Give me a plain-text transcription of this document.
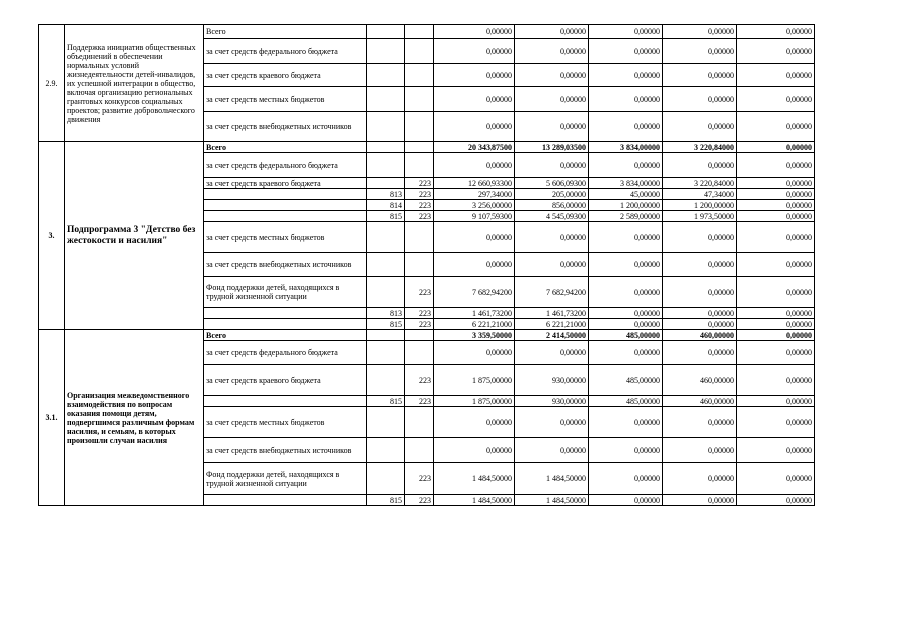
2.9.	Поддержка инициатив общественных объединений в обеспечении нормальных условий жизнедеятельности детей-инвалидов, их успешной интеграции в общество, включая организацию региональных грантовых конкурсов социальных проектов; развитие добровольческого движения	Всего			0,00000	0,00000	0,00000	0,00000	0,00000
		за счет средств федерального бюджета			0,00000	0,00000	0,00000	0,00000	0,00000
		за счет средств краевого бюджета			0,00000	0,00000	0,00000	0,00000	0,00000
		за счет средств местных бюджетов			0,00000	0,00000	0,00000	0,00000	0,00000
		за счет средств внебюджетных источников			0,00000	0,00000	0,00000	0,00000	0,00000
3.	Подпрограмма 3 "Детство без жестокости и насилия"	Всего			20 343,87500	13 289,03500	3 834,00000	3 220,84000	0,00000
		за счет средств федерального бюджета			0,00000	0,00000	0,00000	0,00000	0,00000
		за счет средств краевого бюджета		223	12 660,93300	5 606,09300	3 834,00000	3 220,84000	0,00000
			813	223	297,34000	205,00000	45,00000	47,34000	0,00000
			814	223	3 256,00000	856,00000	1 200,00000	1 200,00000	0,00000
			815	223	9 107,59300	4 545,09300	2 589,00000	1 973,50000	0,00000
		за счет средств местных бюджетов			0,00000	0,00000	0,00000	0,00000	0,00000
		за счет средств внебюджетных источников			0,00000	0,00000	0,00000	0,00000	0,00000
		Фонд поддержки детей, находящихся в трудной жизненной ситуации		223	7 682,94200	7 682,94200	0,00000	0,00000	0,00000
			813	223	1 461,73200	1 461,73200	0,00000	0,00000	0,00000
			815	223	6 221,21000	6 221,21000	0,00000	0,00000	0,00000
3.1.	Организация межведомственного взаимодействия по вопросам оказания помощи детям, подвергшимся различным формам насилия, и семьям, в которых произошли случаи насилия	Всего			3 359,50000	2 414,50000	485,00000	460,00000	0,00000
		за счет средств федерального бюджета			0,00000	0,00000	0,00000	0,00000	0,00000
		за счет средств краевого бюджета		223	1 875,00000	930,00000	485,00000	460,00000	0,00000
			815	223	1 875,00000	930,00000	485,00000	460,00000	0,00000
		за счет средств местных бюджетов			0,00000	0,00000	0,00000	0,00000	0,00000
		за счет средств внебюджетных источников			0,00000	0,00000	0,00000	0,00000	0,00000
		Фонд поддержки детей, находящихся в трудной жизненной ситуации		223	1 484,50000	1 484,50000	0,00000	0,00000	0,00000
			815	223	1 484,50000	1 484,50000	0,00000	0,00000	0,00000
